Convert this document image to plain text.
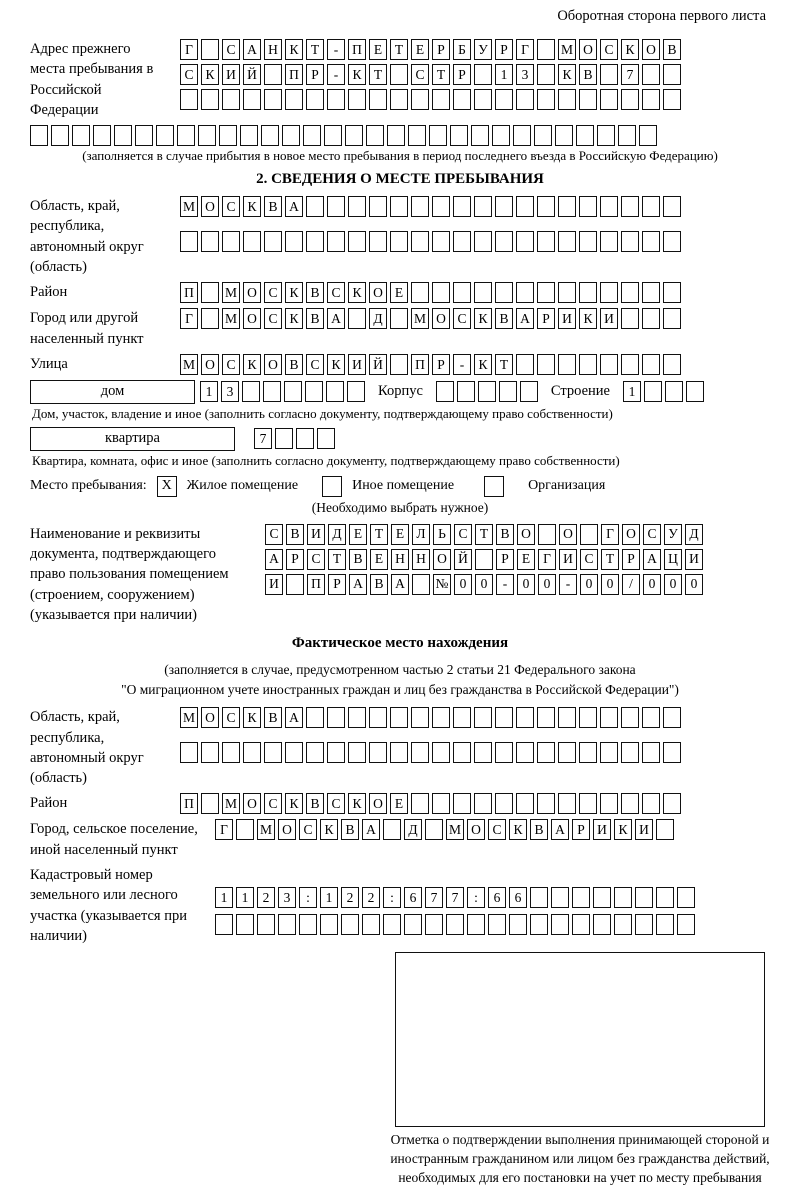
Оборотная сторона первого листа
Адрес прежнего места пребывания в Российской Федерации
Г	С А Н К Т	-	П Е Т Е Р Б У Р Г	М О С К О В
С К И Й	П Р	-	К Т	С Т Р	1	3	К В	7
(заполняется в случае прибытия в новое место пребывания в период последнего въезда в Российскую Федерацию)
2. СВЕДЕНИЯ О МЕСТЕ ПРЕБЫВАНИЯ
Область, край, республика, автономный округ (область)
М О С К В А
Район	П	М О С К В С К О Е
Город или другой населенный пункт
Г	М О С К В А	Д	М О С К В А Р И К И
Улица	М О С К О В С К И Й	П Р	-	К Т
дом	1	3	Корпус	Строение	1
Дом, участок, владение и иное (заполнить согласно документу, подтверждающему право собственности)
квартира	7
Квартира, комната, офис и иное (заполнить согласно документу, подтверждающему право собственности)
Место пребывания:	X	Жилое помещение	Иное помещение	Организация
(Необходимо выбрать нужное)
Наименование и реквизиты документа, подтверждающего право пользования помещением (строением, сооружением) (указывается при наличии)
С В И Д Е Т Е Л Ь С Т В О	О	Г О С У Д
А Р С Т В Е Н Н О Й	Р Е Г И С Т Р А Ц И
И	П Р А В А	№ 0	0	-	0	0	-	0	0	/	0	0	0
Фактическое место нахождения
(заполняется в случае, предусмотренном частью 2 статьи 21 Федерального закона
"О миграционном учете иностранных граждан и лиц без гражданства в Российской Федерации")
Область, край, республика, автономный округ (область)
М О С К В А
Район	П	М О С К В С К О Е
Город, сельское поселение, иной населенный пункт
Г	М О С К В А	Д	М О С К В А Р И К И
Кадастровый номер земельного или лесного участка (указывается при наличии)
1	1	2	3	:	1	2	2	:	6	7	7	:	6	6
Отметка о подтверждении выполнения принимающей стороной и иностранным гражданином или лицом без гражданства действий, необходимых для его постановки на учет по месту пребывания
